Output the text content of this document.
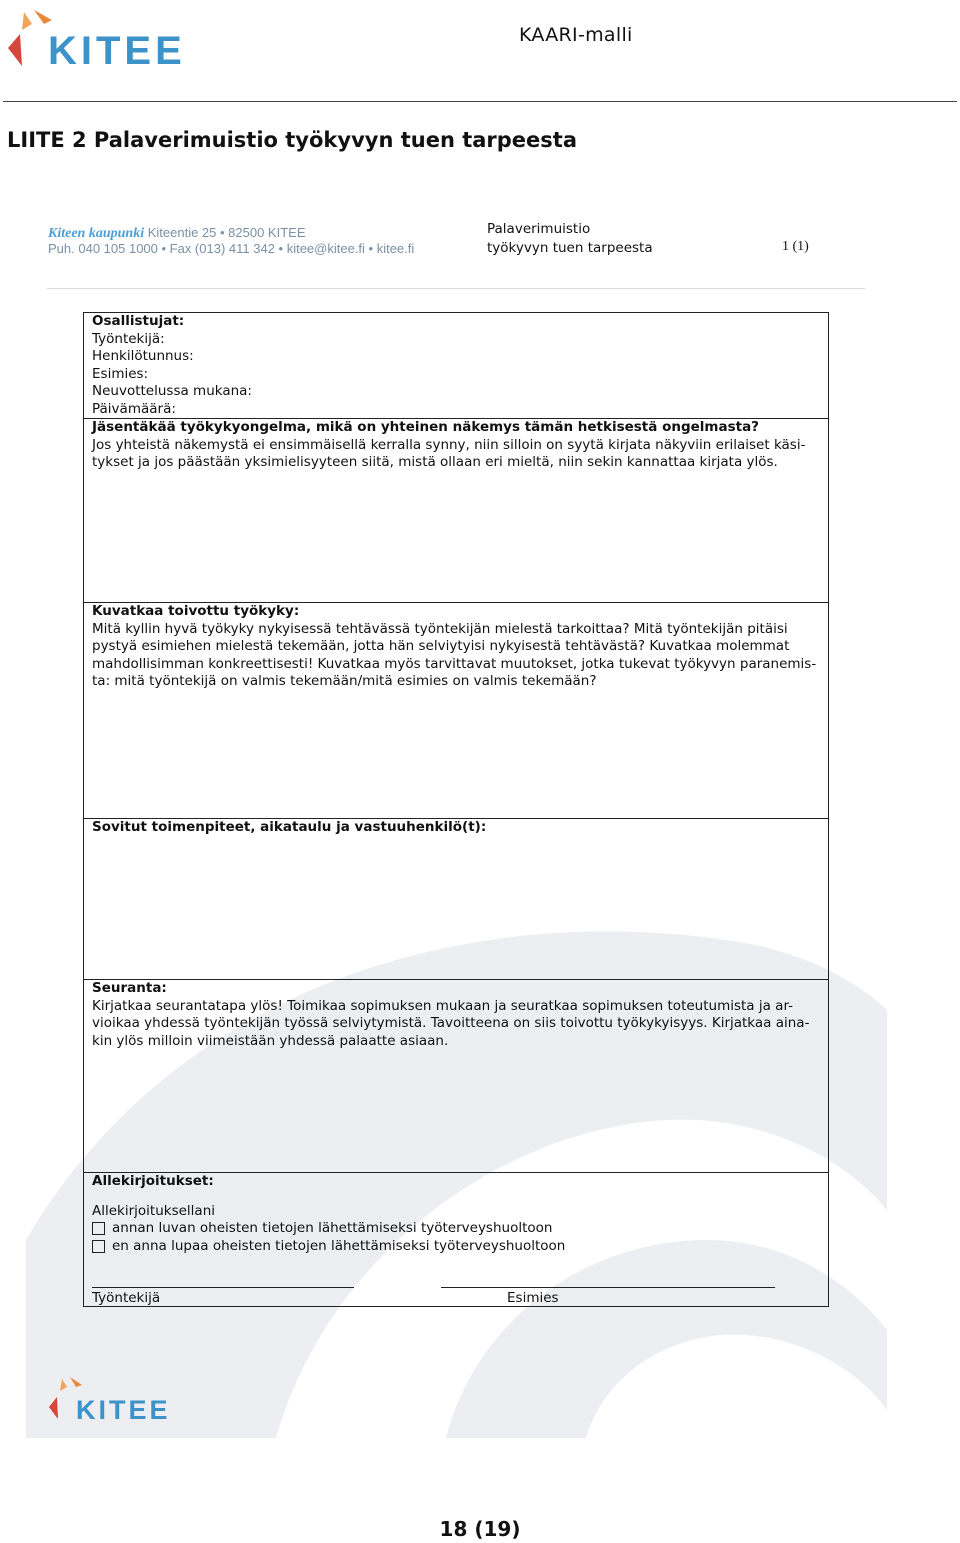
KITEE	KAARI-malli
LIITE 2 Palaverimuistio työkyvyn tuen tarpeesta
Kiteen kaupunki Kiteentie 25 • 82500 KITEE
Puh. 040 105 1000 • Fax (013) 411 342 • kitee@kitee.fi • kitee.fi
Palaverimuistio
työkyvyn tuen tarpeesta	1 (1)

Osallistujat:

Työntekijä:

Henkilötunnus:

Esimies:

Neuvottelussa mukana:

Päivämäärä:

Jäsentäkää työkykyongelma, mikä on yhteinen näkemys tämän hetkisestä ongelmasta?

Jos yhteistä näkemystä ei ensimmäisellä kerralla synny, niin silloin on syytä kirjata näkyviin erilaiset käsi-

tykset ja jos päästään yksimielisyyteen siitä, mistä ollaan eri mieltä, niin sekin kannattaa kirjata ylös.

Kuvatkaa toivottu työkyky:

Mitä kyllin hyvä työkyky nykyisessä tehtävässä työntekijän mielestä tarkoittaa? Mitä työntekijän pitäisi

pystyä esimiehen mielestä tekemään, jotta hän selviytyisi nykyisestä tehtävästä? Kuvatkaa molemmat

mahdollisimman konkreettisesti! Kuvatkaa myös tarvittavat muutokset, jotka tukevat työkyvyn paranemis-

ta: mitä työntekijä on valmis tekemään/mitä esimies on valmis tekemään?

Sovitut toimenpiteet, aikataulu ja vastuuhenkilö(t):

Seuranta:

Kirjatkaa seurantatapa ylös! Toimikaa sopimuksen mukaan ja seuratkaa sopimuksen toteutumista ja ar-

vioikaa yhdessä työntekijän työssä selviytymistä. Tavoitteena on siis toivottu työkykyisyys. Kirjatkaa aina-

kin ylös milloin viimeistään yhdessä palaatte asiaan.

Allekirjoitukset:

Allekirjoituksellani

annan luvan oheisten tietojen lähettämiseksi työterveyshuoltoon
en anna lupaa oheisten tietojen lähettämiseksi työterveyshuoltoon
Työntekijä	Esimies
KITEE
18 (19)
